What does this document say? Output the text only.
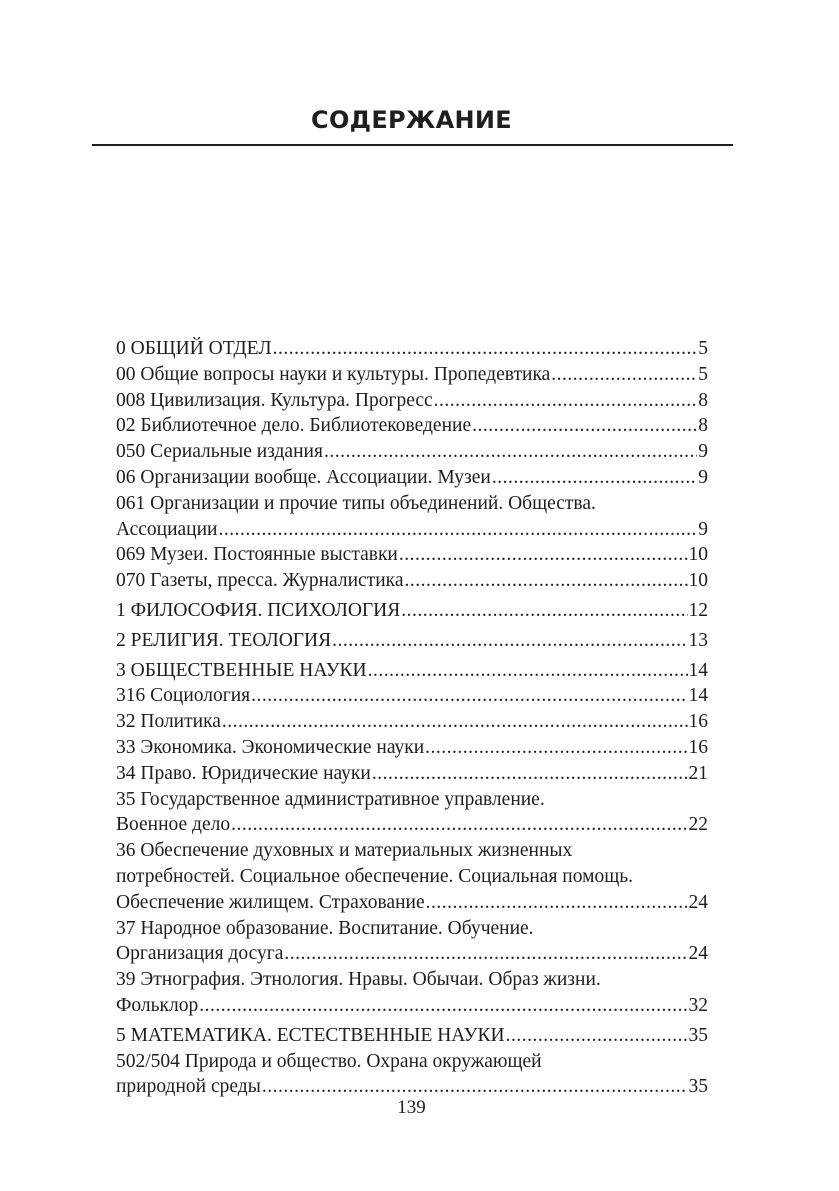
СОДЕРЖАНИЕ
0 ОБЩИЙ ОТДЕЛ .....	5
00 Общие вопросы науки и культуры. Пропедевтика .....	5
008 Цивилизация. Культура. Прогресс .....	8
02 Библиотечное дело. Библиотековедение .....	8
050 Сериальные издания .....	9
06 Организации вообще. Ассоциации. Музеи .....	9
061 Организации и прочие типы объединений. Общества.
Ассоциации .....	9
069 Музеи. Постоянные выставки .....	10
070 Газеты, пресса. Журналистика .....	10
1 ФИЛОСОФИЯ. ПСИХОЛОГИЯ .....	12
2 РЕЛИГИЯ. ТЕОЛОГИЯ .....	13
3 ОБЩЕСТВЕННЫЕ НАУКИ .....	14
316 Социология .....	14
32 Политика .....	16
33 Экономика. Экономические науки .....	16
34 Право. Юридические науки .....	21
35 Государственное административное управление.
Военное дело .....	22
36 Обеспечение духовных и материальных жизненных
потребностей. Социальное обеспечение. Социальная помощь.
Обеспечение жилищем. Страхование .....	24
37 Народное образование. Воспитание. Обучение.
Организация досуга .....	24
39 Этнография. Этнология. Нравы. Обычаи. Образ жизни.
Фольклор .....	32
5 МАТЕМАТИКА. ЕСТЕСТВЕННЫЕ НАУКИ .....	35
502/504 Природа и общество. Охрана окружающей
природной среды .....	35
139
